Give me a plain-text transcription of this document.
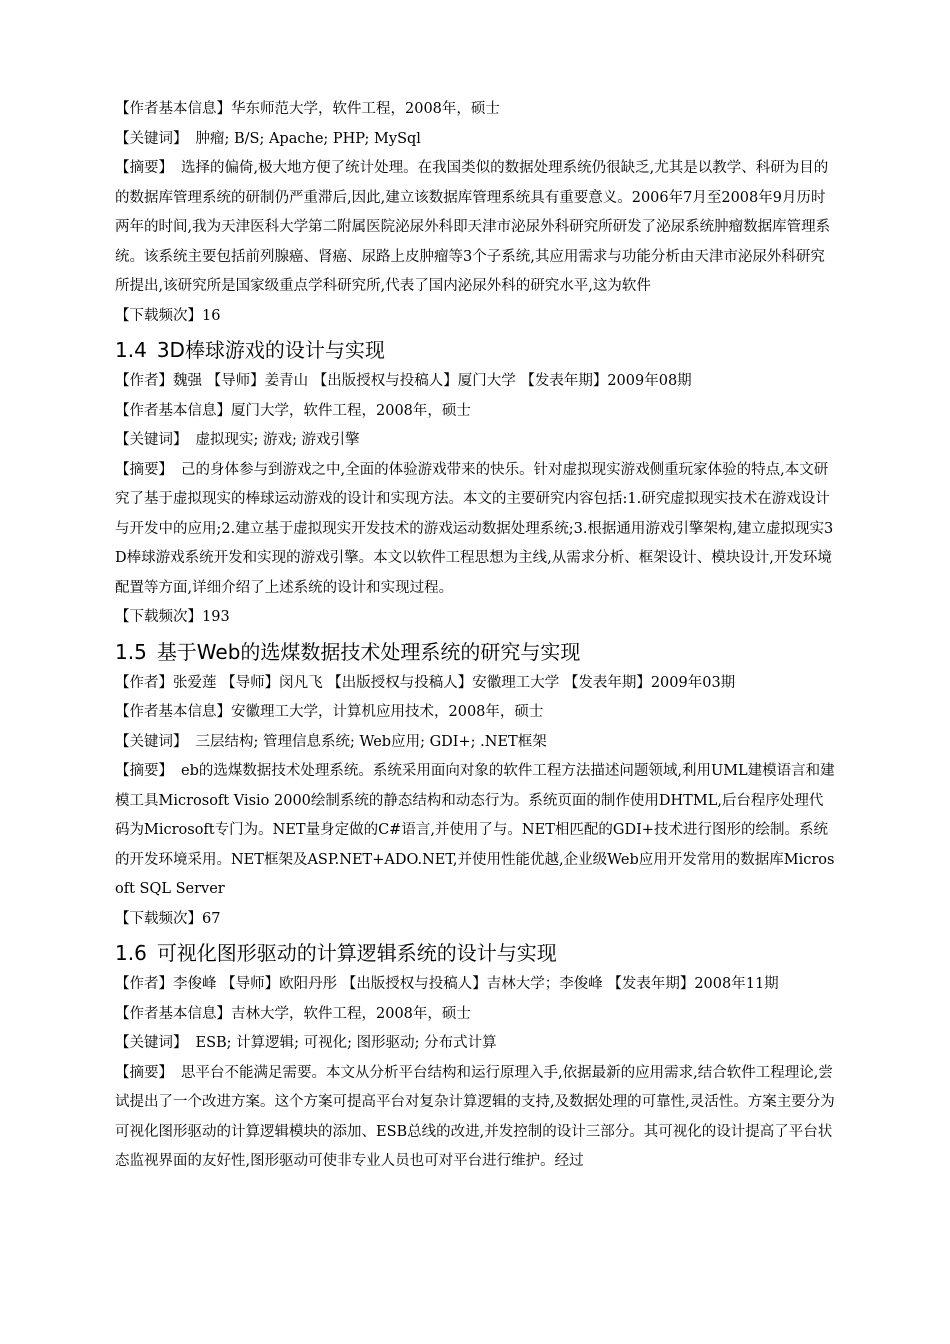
【作者基本信息】华东师范大学，软件工程，2008年，硕士

【关键词】 肿瘤; B/S; Apache; PHP; MySql

【摘要】 选择的偏倚,极大地方便了统计处理。在我国类似的数据处理系统仍很缺乏,尤其是以教学、科研为目的的数据库管理系统的研制仍严重滞后,因此,建立该数据库管理系统具有重要意义。2006年7月至2008年9月历时两年的时间,我为天津医科大学第二附属医院泌尿外科即天津市泌尿外科研究所研发了泌尿系统肿瘤数据库管理系统。该系统主要包括前列腺癌、肾癌、尿路上皮肿瘤等3个子系统,其应用需求与功能分析由天津市泌尿外科研究所提出,该研究所是国家级重点学科研究所,代表了国内泌尿外科的研究水平,这为软件

【下载频次】16

1.4 3D棒球游戏的设计与实现

【作者】魏强 【导师】姜青山 【出版授权与投稿人】厦门大学 【发表年期】2009年08期

【作者基本信息】厦门大学，软件工程，2008年，硕士

【关键词】 虚拟现实; 游戏; 游戏引擎

【摘要】 己的身体参与到游戏之中,全面的体验游戏带来的快乐。针对虚拟现实游戏侧重玩家体验的特点,本文研究了基于虚拟现实的棒球运动游戏的设计和实现方法。本文的主要研究内容包括:1.研究虚拟现实技术在游戏设计与开发中的应用;2.建立基于虚拟现实开发技术的游戏运动数据处理系统;3.根据通用游戏引擎架构,建立虚拟现实3D棒球游戏系统开发和实现的游戏引擎。本文以软件工程思想为主线,从需求分析、框架设计、模块设计,开发环境配置等方面,详细介绍了上述系统的设计和实现过程。

【下载频次】193

1.5 基于Web的选煤数据技术处理系统的研究与实现

【作者】张爱莲 【导师】闵凡飞 【出版授权与投稿人】安徽理工大学 【发表年期】2009年03期

【作者基本信息】安徽理工大学，计算机应用技术，2008年，硕士

【关键词】 三层结构; 管理信息系统; Web应用; GDI+; .NET框架

【摘要】 eb的选煤数据技术处理系统。系统采用面向对象的软件工程方法描述问题领域,利用UML建模语言和建模工具Microsoft Visio 2000绘制系统的静态结构和动态行为。系统页面的制作使用DHTML,后台程序处理代码为Microsoft专门为。NET量身定做的C#语言,并使用了与。NET相匹配的GDI+技术进行图形的绘制。系统的开发环境采用。NET框架及ASP.NET+ADO.NET,并使用性能优越,企业级Web应用开发常用的数据库Microsoft SQL Server

【下载频次】67

1.6 可视化图形驱动的计算逻辑系统的设计与实现

【作者】李俊峰 【导师】欧阳丹彤 【出版授权与投稿人】吉林大学；李俊峰 【发表年期】2008年11期

【作者基本信息】吉林大学，软件工程，2008年，硕士

【关键词】 ESB; 计算逻辑; 可视化; 图形驱动; 分布式计算

【摘要】 思平台不能满足需要。本文从分析平台结构和运行原理入手,依据最新的应用需求,结合软件工程理论,尝试提出了一个改进方案。这个方案可提高平台对复杂计算逻辑的支持,及数据处理的可靠性,灵活性。方案主要分为可视化图形驱动的计算逻辑模块的添加、ESB总线的改进,并发控制的设计三部分。其可视化的设计提高了平台状态监视界面的友好性,图形驱动可使非专业人员也可对平台进行维护。经过
